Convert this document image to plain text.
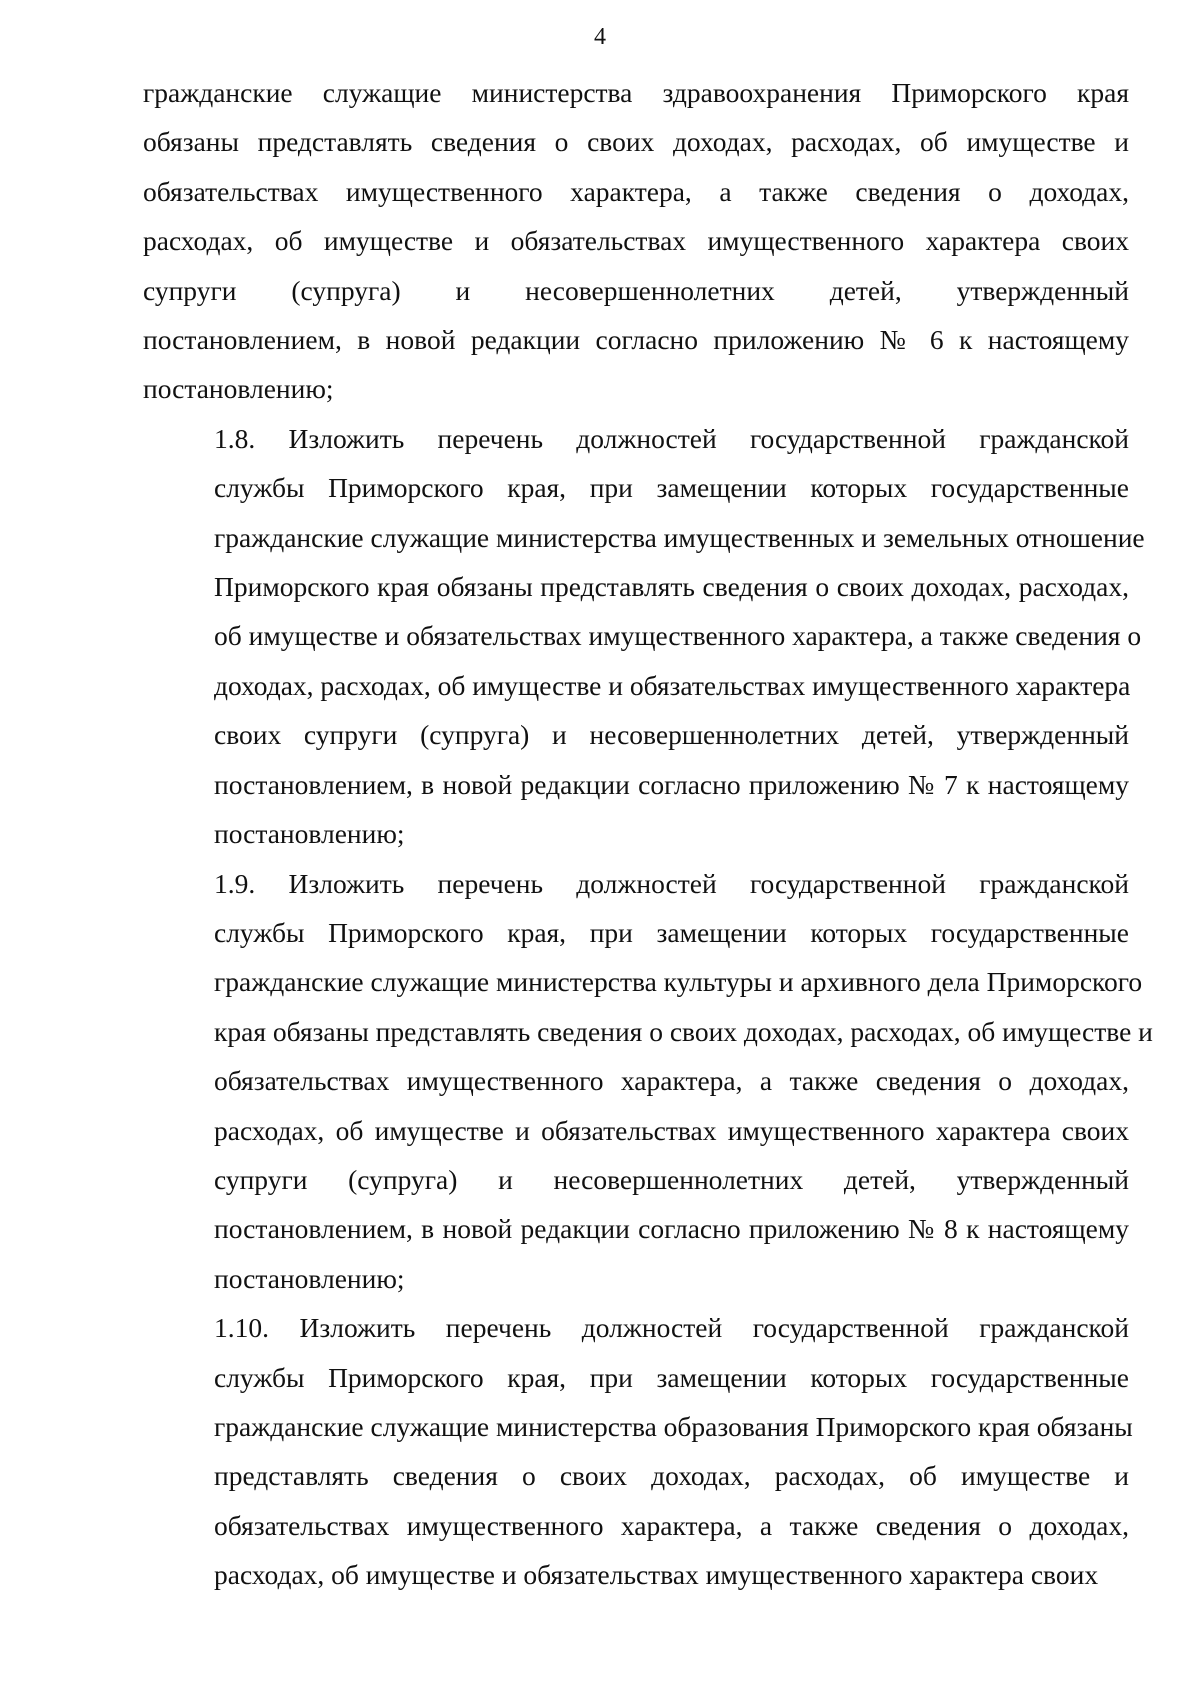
4

гражданские служащие министерства здравоохранения Приморского края
обязаны представлять сведения о своих доходах, расходах, об имуществе и
обязательствах имущественного характера, а также сведения о доходах,
расходах, об имуществе и обязательствах имущественного характера своих
супруги (супруга) и несовершеннолетних детей, утвержденный
постановлением, в новой редакции согласно приложению № 6 к настоящему
постановлению;

1.8. Изложить перечень должностей государственной гражданской
службы Приморского края, при замещении которых государственные
гражданские служащие министерства имущественных и земельных отношение
Приморского края обязаны представлять сведения о своих доходах, расходах,
об имуществе и обязательствах имущественного характера, а также сведения о
доходах, расходах, об имуществе и обязательствах имущественного характера
своих супруги (супруга) и несовершеннолетних детей, утвержденный
постановлением, в новой редакции согласно приложению № 7 к настоящему
постановлению;

1.9. Изложить перечень должностей государственной гражданской
службы Приморского края, при замещении которых государственные
гражданские служащие министерства культуры и архивного дела Приморского
края обязаны представлять сведения о своих доходах, расходах, об имуществе и
обязательствах имущественного характера, а также сведения о доходах,
расходах, об имуществе и обязательствах имущественного характера своих
супруги (супруга) и несовершеннолетних детей, утвержденный
постановлением, в новой редакции согласно приложению № 8 к настоящему
постановлению;

1.10. Изложить перечень должностей государственной гражданской
службы Приморского края, при замещении которых государственные
гражданские служащие министерства образования Приморского края обязаны
представлять сведения о своих доходах, расходах, об имуществе и
обязательствах имущественного характера, а также сведения о доходах,
расходах, об имуществе и обязательствах имущественного характера своих
